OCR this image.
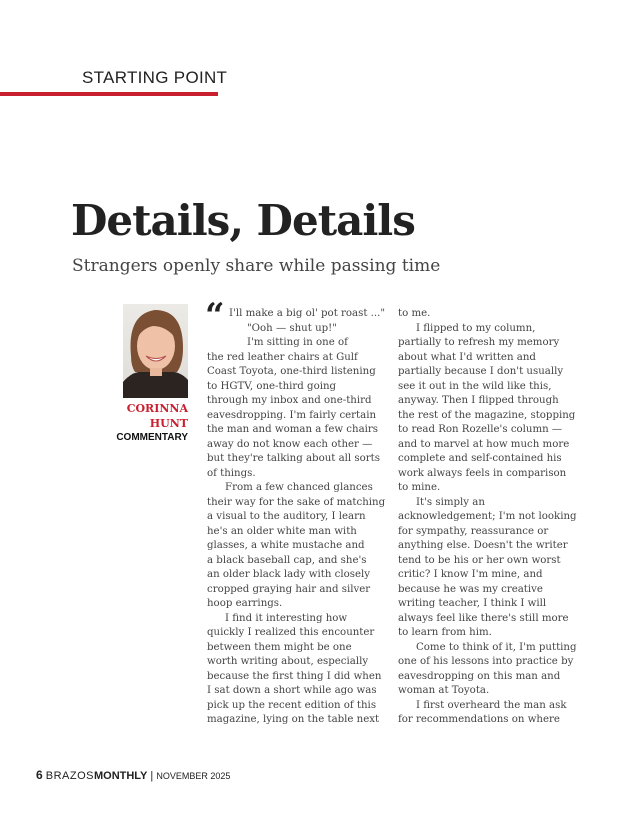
STARTING POINT
Details, Details
Strangers openly share while passing time
CORINNA
HUNT
COMMENTARY
“ I'll make a big ol' pot roast ..."
"Ooh — shut up!"
I'm sitting in one of
the red leather chairs at Gulf
Coast Toyota, one-third listening
to HGTV, one-third going
through my inbox and one-third
eavesdropping. I'm fairly certain
the man and woman a few chairs
away do not know each other —
but they're talking about all sorts
of things.
From a few chanced glances
their way for the sake of matching
a visual to the auditory, I learn
he's an older white man with
glasses, a white mustache and
a black baseball cap, and she's
an older black lady with closely
cropped graying hair and silver
hoop earrings.
I find it interesting how
quickly I realized this encounter
between them might be one
worth writing about, especially
because the first thing I did when
I sat down a short while ago was
pick up the recent edition of this
magazine, lying on the table next
to me.
I flipped to my column,
partially to refresh my memory
about what I'd written and
partially because I don't usually
see it out in the wild like this,
anyway. Then I flipped through
the rest of the magazine, stopping
to read Ron Rozelle's column —
and to marvel at how much more
complete and self-contained his
work always feels in comparison
to mine.
It's simply an
acknowledgement; I'm not looking
for sympathy, reassurance or
anything else. Doesn't the writer
tend to be his or her own worst
critic? I know I'm mine, and
because he was my creative
writing teacher, I think I will
always feel like there's still more
to learn from him.
Come to think of it, I'm putting
one of his lessons into practice by
eavesdropping on this man and
woman at Toyota.
I first overheard the man ask
for recommendations on where
6 BRAZOSMONTHLY | NOVEMBER 2025
